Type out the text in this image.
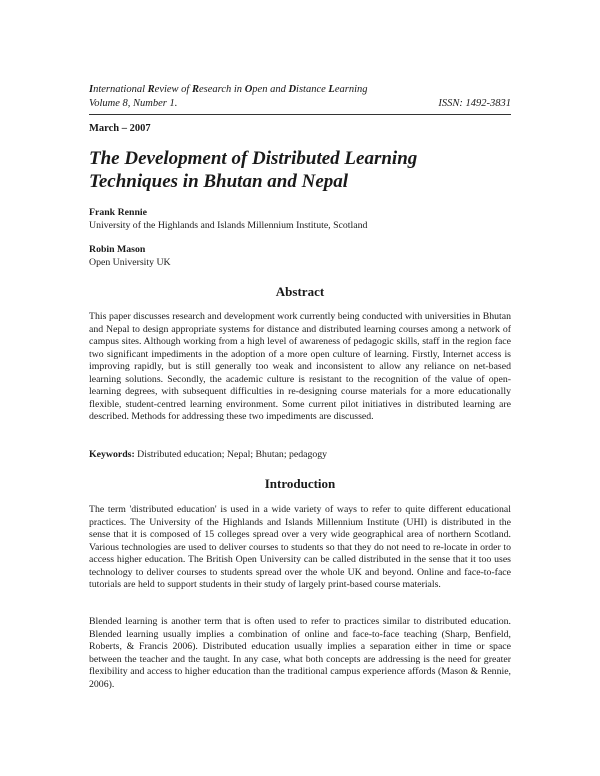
International Review of Research in Open and Distance Learning
Volume 8, Number 1.	ISSN: 1492-3831
March – 2007
The Development of Distributed Learning
Techniques in Bhutan and Nepal
Frank Rennie
University of the Highlands and Islands Millennium Institute, Scotland
Robin Mason
Open University UK
Abstract

This paper discusses research and development work currently being conducted with universities in Bhutan and Nepal to design appropriate systems for distance and distributed learning courses among a network of campus sites. Although working from a high level of awareness of pedagogic skills, staff in the region face two significant impediments in the adoption of a more open culture of learning. Firstly, Internet access is improving rapidly, but is still generally too weak and inconsistent to allow any reliance on net-based learning solutions. Secondly, the academic culture is resistant to the recognition of the value of open-learning degrees, with subsequent difficulties in re-designing course materials for a more educationally flexible, student-centred learning environment. Some current pilot initiatives in distributed learning are described. Methods for addressing these two impediments are discussed.

Keywords: Distributed education; Nepal; Bhutan; pedagogy

Introduction

The term 'distributed education' is used in a wide variety of ways to refer to quite different educational practices. The University of the Highlands and Islands Millennium Institute (UHI) is distributed in the sense that it is composed of 15 colleges spread over a very wide geographical area of northern Scotland. Various technologies are used to deliver courses to students so that they do not need to re-locate in order to access higher education. The British Open University can be called distributed in the sense that it too uses technology to deliver courses to students spread over the whole UK and beyond. Online and face-to-face tutorials are held to support students in their study of largely print-based course materials.

Blended learning is another term that is often used to refer to practices similar to distributed education. Blended learning usually implies a combination of online and face-to-face teaching (Sharp, Benfield, Roberts, & Francis 2006). Distributed education usually implies a separation either in time or space between the teacher and the taught. In any case, what both concepts are addressing is the need for greater flexibility and access to higher education than the traditional campus experience affords (Mason & Rennie, 2006).
